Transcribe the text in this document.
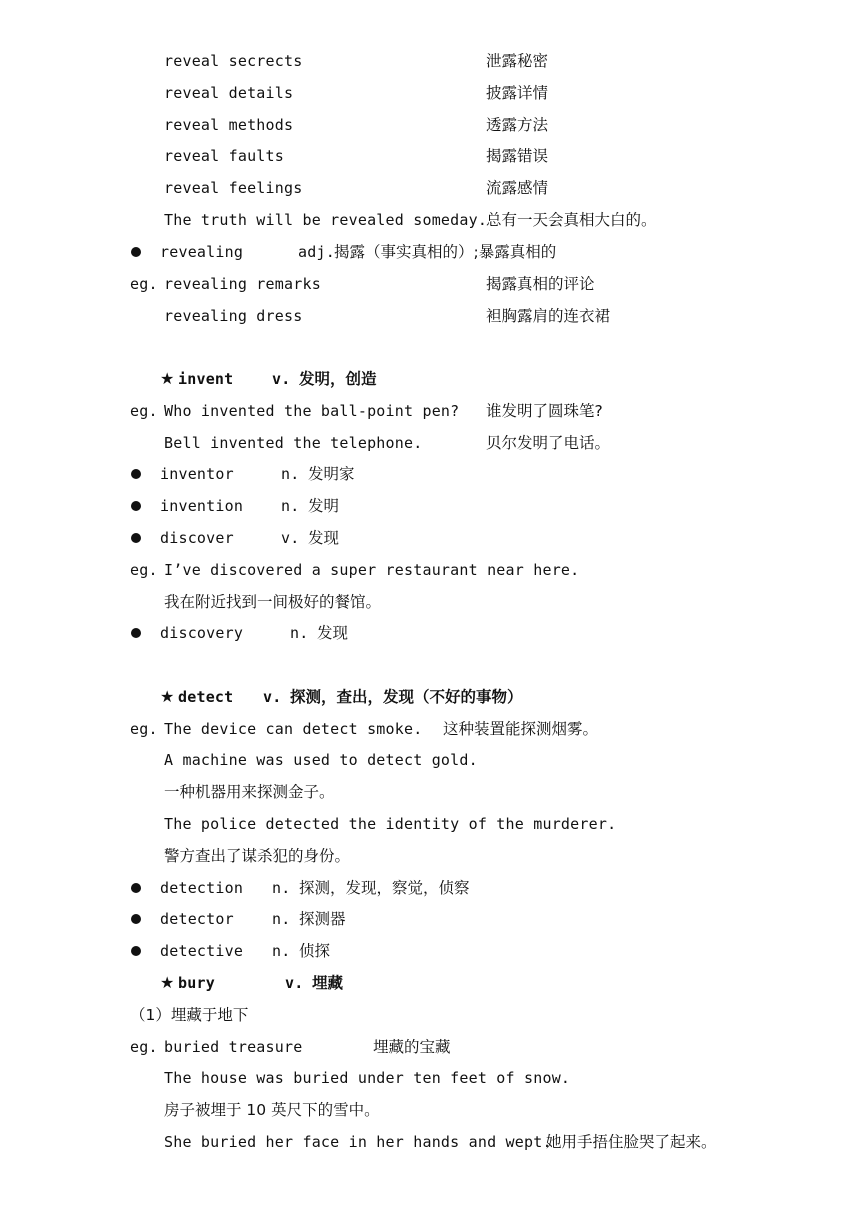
reveal secrects	泄露秘密
reveal details	披露详情
reveal methods	透露方法
reveal faults	揭露错误
reveal feelings	流露感情
The truth will be revealed someday.
总有一天会真相大白的。
revealing	adj. 揭露（事实真相的）;暴露真相的
eg. revealing remarks	揭露真相的评论
revealing dress	袒胸露肩的连衣裙
★ invent	v. 发明，创造
eg. Who invented the ball-point pen? 谁发明了圆珠笔?
Bell invented the telephone.	贝尔发明了电话。
inventor	n. 发明家
invention	n. 发明
discover	v. 发现
eg. I’ve discovered a super restaurant near here.
我在附近找到一间极好的餐馆。
discovery	n. 发现
★ detect v. 探测，查出，发现（不好的事物）
eg. The device can detect smoke. 这种装置能探测烟雾。
A machine was used to detect gold.
一种机器用来探测金子。
The police detected the identity of the murderer.
警方查出了谋杀犯的身份。
detection n. 探测，发现，察觉，侦察
detector	n. 探测器
detective n. 侦探
★ bury	v. 埋藏
（1）埋藏于地下
eg. buried treasure	埋藏的宝藏
The house was buried under ten feet of snow.
房子被埋于 10 英尺下的雪中。
She buried her face in her hands and wept.
她用手捂住脸哭了起来。
